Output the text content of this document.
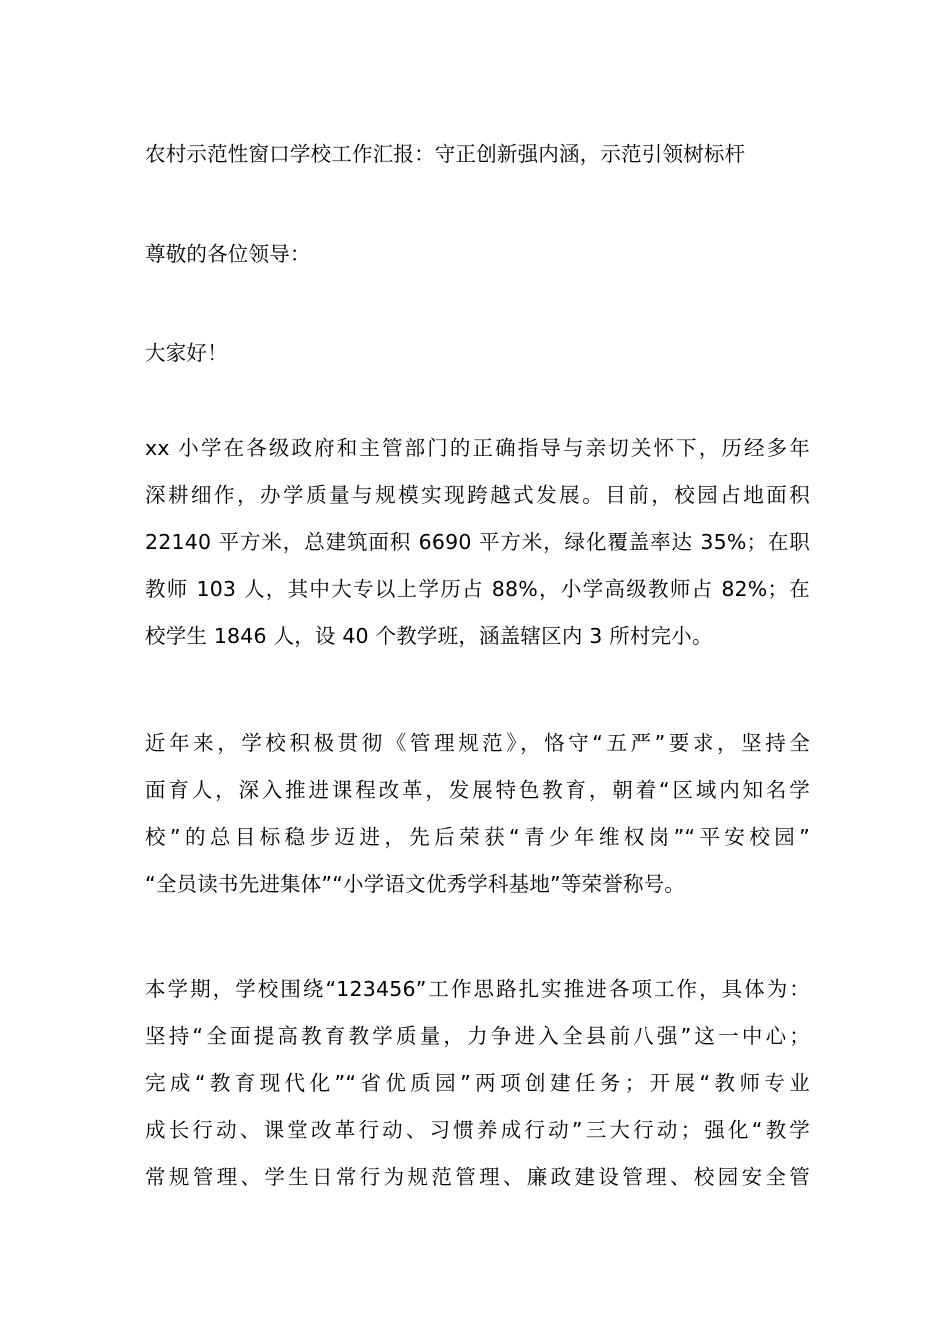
农村示范性窗口学校工作汇报：守正创新强内涵，示范引领树标杆
尊敬的各位领导：
大家好！
xx 小学在各级政府和主管部门的正确指导与亲切关怀下，历经多年
深耕细作，办学质量与规模实现跨越式发展。目前，校园占地面积
22140 平方米，总建筑面积 6690 平方米，绿化覆盖率达 35%；在职
教师 103 人，其中大专以上学历占 88%，小学高级教师占 82%；在
校学生 1846 人，设 40 个教学班，涵盖辖区内 3 所村完小。
近年来，学校积极贯彻《管理规范》，恪守“五严”要求，坚持全
面育人，深入推进课程改革，发展特色教育，朝着“区域内知名学
校”的总目标稳步迈进，先后荣获“青少年维权岗”“平安校园”
“全员读书先进集体”“小学语文优秀学科基地”等荣誉称号。
本学期，学校围绕“123456”工作思路扎实推进各项工作，具体为：
坚持“全面提高教育教学质量，力争进入全县前八强”这一中心；
完成“教育现代化”“省优质园”两项创建任务；开展“教师专业
成长行动、课堂改革行动、习惯养成行动”三大行动；强化“教学
常规管理、学生日常行为规范管理、廉政建设管理、校园安全管
